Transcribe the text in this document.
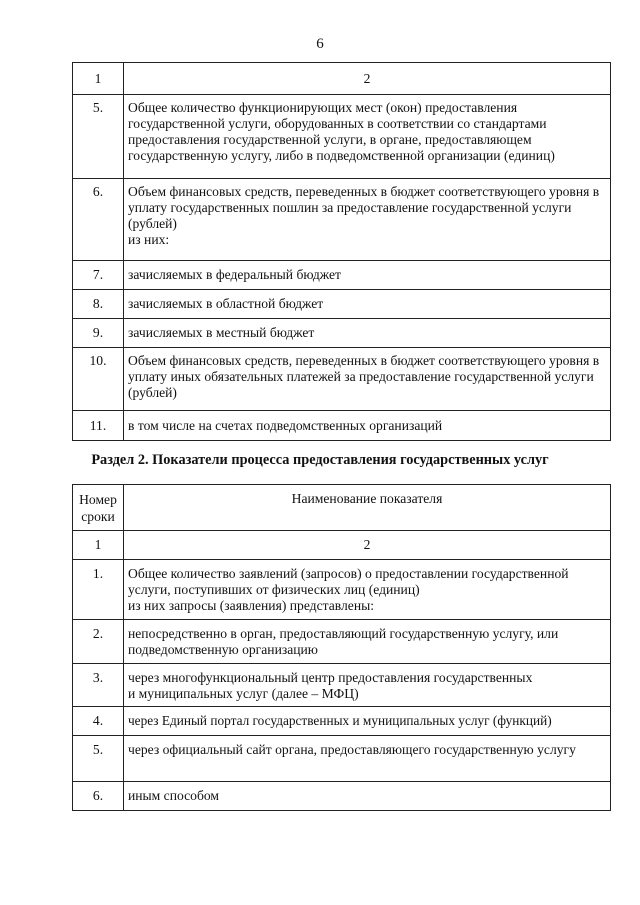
6
1	2
5.	Общее количество функционирующих мест (окон) предоставления государственной услуги, оборудованных в соответствии со стандартами предоставления государственной услуги, в органе, предоставляющем государственную услугу, либо в подведомственной организации (единиц)
6.	Объем финансовых средств, переведенных в бюджет соответствующего уровня в уплату государственных пошлин за предоставление государственной услуги (рублей)
из них:

7.	зачисляемых в федеральный бюджет
8.	зачисляемых в областной бюджет
9.	зачисляемых в местный бюджет
10.	Объем финансовых средств, переведенных в бюджет соответствующего уровня в уплату иных обязательных платежей за предоставление государственной услуги (рублей)
11.	в том числе на счетах подведомственных организаций
Раздел 2. Показатели процесса предоставления государственных услуг
Номер сроки	Наименование показателя
1	2
1.	Общее количество заявлений (запросов) о предоставлении государственной услуги, поступивших от физических лиц (единиц)
из них запросы (заявления) представлены:

2.	непосредственно в орган, предоставляющий государственную услугу, или подведомственную организацию
3.	через многофункциональный центр предоставления государственных
и муниципальных услуг (далее – МФЦ)

4.	через Единый портал государственных и муниципальных услуг (функций)
5.	через официальный сайт органа, предоставляющего государственную услугу
6.	иным способом
